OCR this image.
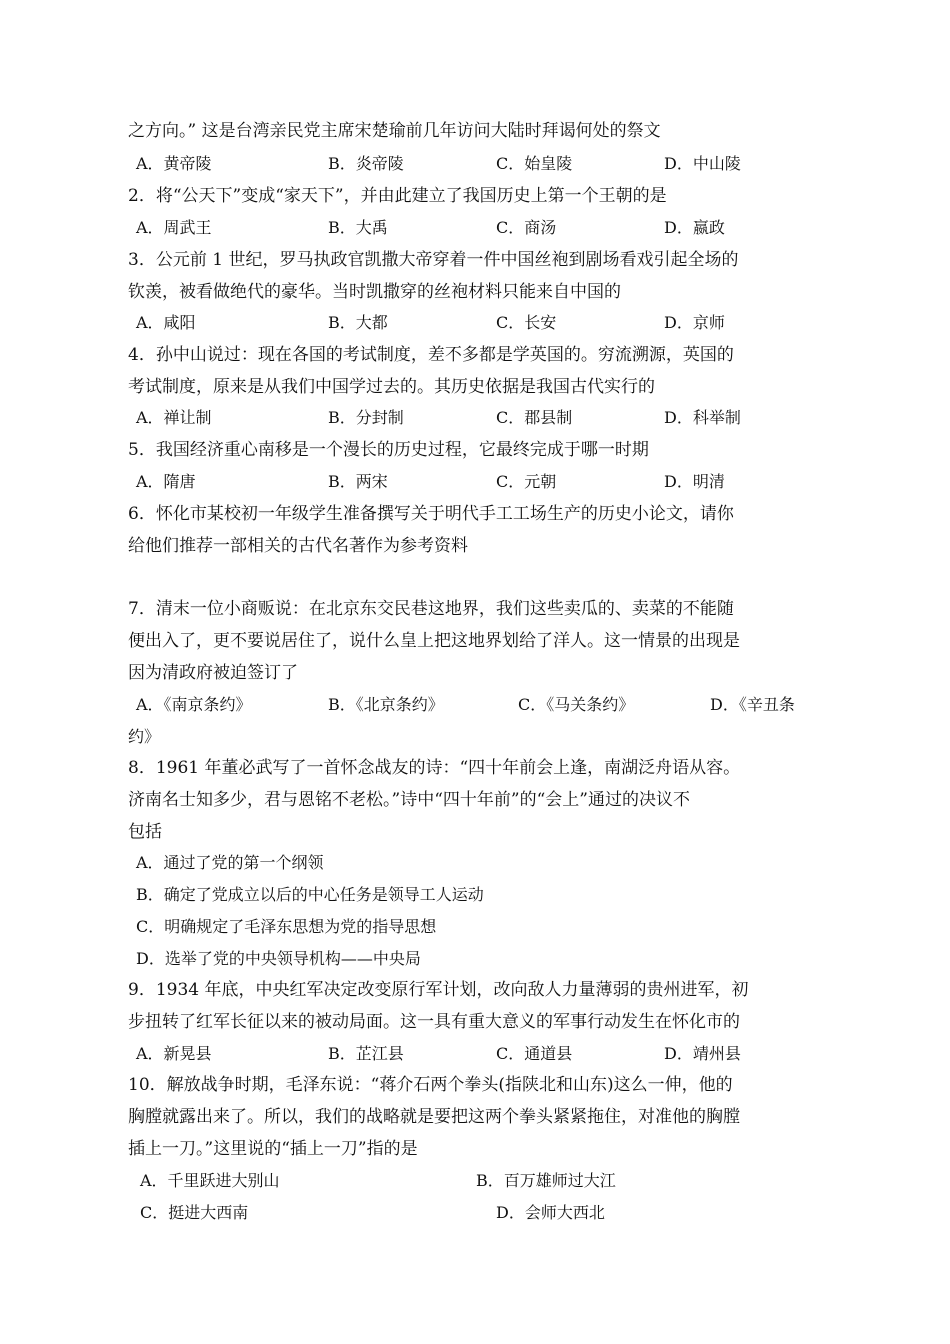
之方向。” 这是台湾亲民党主席宋楚瑜前几年访问大陆时拜谒何处的祭文
A．黄帝陵	B．炎帝陵	C．始皇陵	D．中山陵
2．将“公天下”变成“家天下”，并由此建立了我国历史上第一个王朝的是
A．周武王	B．大禹	C．商汤	D．嬴政
3．公元前 1 世纪，罗马执政官凯撒大帝穿着一件中国丝袍到剧场看戏引起全场的
钦羡，被看做绝代的豪华。当时凯撒穿的丝袍材料只能来自中国的
A．咸阳	B．大都	C．长安	D．京师
4．孙中山说过：现在各国的考试制度，差不多都是学英国的。穷流溯源，英国的
考试制度，原来是从我们中国学过去的。其历史依据是我国古代实行的
A．禅让制	B．分封制	C．郡县制	D．科举制
5．我国经济重心南移是一个漫长的历史过程，它最终完成于哪一时期
A．隋唐	B．两宋	C．元朝	D．明清
6．怀化市某校初一年级学生准备撰写关于明代手工工场生产的历史小论文，请你
给他们推荐一部相关的古代名著作为参考资料
7．清末一位小商贩说：在北京东交民巷这地界，我们这些卖瓜的、卖菜的不能随
便出入了，更不要说居住了，说什么皇上把这地界划给了洋人。这一情景的出现是
因为清政府被迫签订了
A．《南京条约》	B．《北京条约》	C．《马关条约》	D．《辛丑条
约》
8．1961 年董必武写了一首怀念战友的诗：“四十年前会上逢，南湖泛舟语从容。
济南名士知多少，君与恩铭不老松。”诗中“四十年前”的“会上”通过的决议不
包括
A．通过了党的第一个纲领
B．确定了党成立以后的中心任务是领导工人运动
C．明确规定了毛泽东思想为党的指导思想
D．选举了党的中央领导机构——中央局
9．1934 年底，中央红军决定改变原行军计划，改向敌人力量薄弱的贵州进军，初
步扭转了红军长征以来的被动局面。这一具有重大意义的军事行动发生在怀化市的
A．新晃县	B．芷江县	C．通道县	D．靖州县
10．解放战争时期，毛泽东说：“蒋介石两个拳头(指陕北和山东)这么一伸，他的
胸膛就露出来了。所以，我们的战略就是要把这两个拳头紧紧拖住，对准他的胸膛
插上一刀。”这里说的“插上一刀”指的是
A．千里跃进大别山	B．百万雄师过大江
C．挺进大西南	D．会师大西北
